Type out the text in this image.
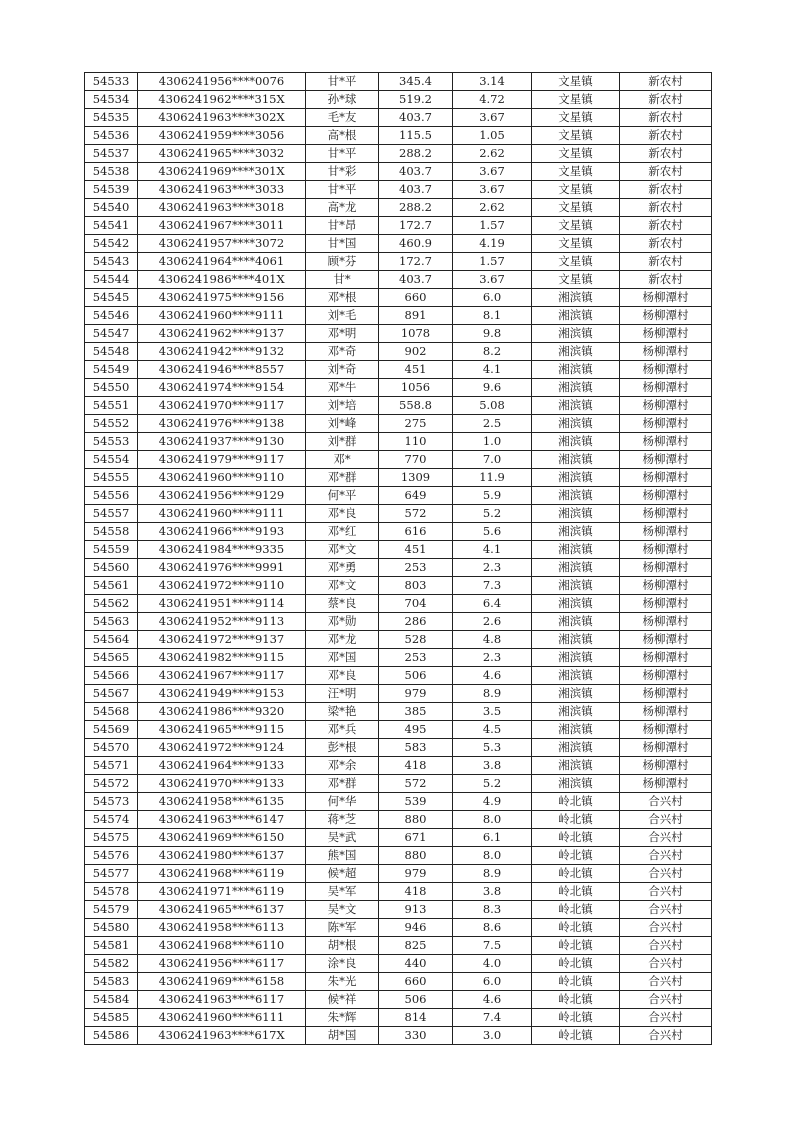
54533	4306241956****0076	甘*平	345.4	3.14	文星镇	新农村
54534	4306241962****315X	孙*球	519.2	4.72	文星镇	新农村
54535	4306241963****302X	毛*友	403.7	3.67	文星镇	新农村
54536	4306241959****3056	高*根	115.5	1.05	文星镇	新农村
54537	4306241965****3032	甘*平	288.2	2.62	文星镇	新农村
54538	4306241969****301X	甘*彩	403.7	3.67	文星镇	新农村
54539	4306241963****3033	甘*平	403.7	3.67	文星镇	新农村
54540	4306241963****3018	高*龙	288.2	2.62	文星镇	新农村
54541	4306241967****3011	甘*昂	172.7	1.57	文星镇	新农村
54542	4306241957****3072	甘*国	460.9	4.19	文星镇	新农村
54543	4306241964****4061	顾*芬	172.7	1.57	文星镇	新农村
54544	4306241986****401X	甘*	403.7	3.67	文星镇	新农村
54545	4306241975****9156	邓*根	660	6.0	湘滨镇	杨柳潭村
54546	4306241960****9111	刘*毛	891	8.1	湘滨镇	杨柳潭村
54547	4306241962****9137	邓*明	1078	9.8	湘滨镇	杨柳潭村
54548	4306241942****9132	邓*奇	902	8.2	湘滨镇	杨柳潭村
54549	4306241946****8557	刘*奇	451	4.1	湘滨镇	杨柳潭村
54550	4306241974****9154	邓*牛	1056	9.6	湘滨镇	杨柳潭村
54551	4306241970****9117	刘*培	558.8	5.08	湘滨镇	杨柳潭村
54552	4306241976****9138	刘*峰	275	2.5	湘滨镇	杨柳潭村
54553	4306241937****9130	刘*群	110	1.0	湘滨镇	杨柳潭村
54554	4306241979****9117	邓*	770	7.0	湘滨镇	杨柳潭村
54555	4306241960****9110	邓*群	1309	11.9	湘滨镇	杨柳潭村
54556	4306241956****9129	何*平	649	5.9	湘滨镇	杨柳潭村
54557	4306241960****9111	邓*良	572	5.2	湘滨镇	杨柳潭村
54558	4306241966****9193	邓*红	616	5.6	湘滨镇	杨柳潭村
54559	4306241984****9335	邓*文	451	4.1	湘滨镇	杨柳潭村
54560	4306241976****9991	邓*勇	253	2.3	湘滨镇	杨柳潭村
54561	4306241972****9110	邓*文	803	7.3	湘滨镇	杨柳潭村
54562	4306241951****9114	蔡*良	704	6.4	湘滨镇	杨柳潭村
54563	4306241952****9113	邓*勋	286	2.6	湘滨镇	杨柳潭村
54564	4306241972****9137	邓*龙	528	4.8	湘滨镇	杨柳潭村
54565	4306241982****9115	邓*国	253	2.3	湘滨镇	杨柳潭村
54566	4306241967****9117	邓*良	506	4.6	湘滨镇	杨柳潭村
54567	4306241949****9153	汪*明	979	8.9	湘滨镇	杨柳潭村
54568	4306241986****9320	梁*艳	385	3.5	湘滨镇	杨柳潭村
54569	4306241965****9115	邓*兵	495	4.5	湘滨镇	杨柳潭村
54570	4306241972****9124	彭*根	583	5.3	湘滨镇	杨柳潭村
54571	4306241964****9133	邓*余	418	3.8	湘滨镇	杨柳潭村
54572	4306241970****9133	邓*群	572	5.2	湘滨镇	杨柳潭村
54573	4306241958****6135	何*华	539	4.9	岭北镇	合兴村
54574	4306241963****6147	蒋*芝	880	8.0	岭北镇	合兴村
54575	4306241969****6150	吴*武	671	6.1	岭北镇	合兴村
54576	4306241980****6137	熊*国	880	8.0	岭北镇	合兴村
54577	4306241968****6119	候*超	979	8.9	岭北镇	合兴村
54578	4306241971****6119	吴*军	418	3.8	岭北镇	合兴村
54579	4306241965****6137	吴*文	913	8.3	岭北镇	合兴村
54580	4306241958****6113	陈*军	946	8.6	岭北镇	合兴村
54581	4306241968****6110	胡*根	825	7.5	岭北镇	合兴村
54582	4306241956****6117	涂*良	440	4.0	岭北镇	合兴村
54583	4306241969****6158	朱*光	660	6.0	岭北镇	合兴村
54584	4306241963****6117	候*祥	506	4.6	岭北镇	合兴村
54585	4306241960****6111	朱*辉	814	7.4	岭北镇	合兴村
54586	4306241963****617X	胡*国	330	3.0	岭北镇	合兴村
